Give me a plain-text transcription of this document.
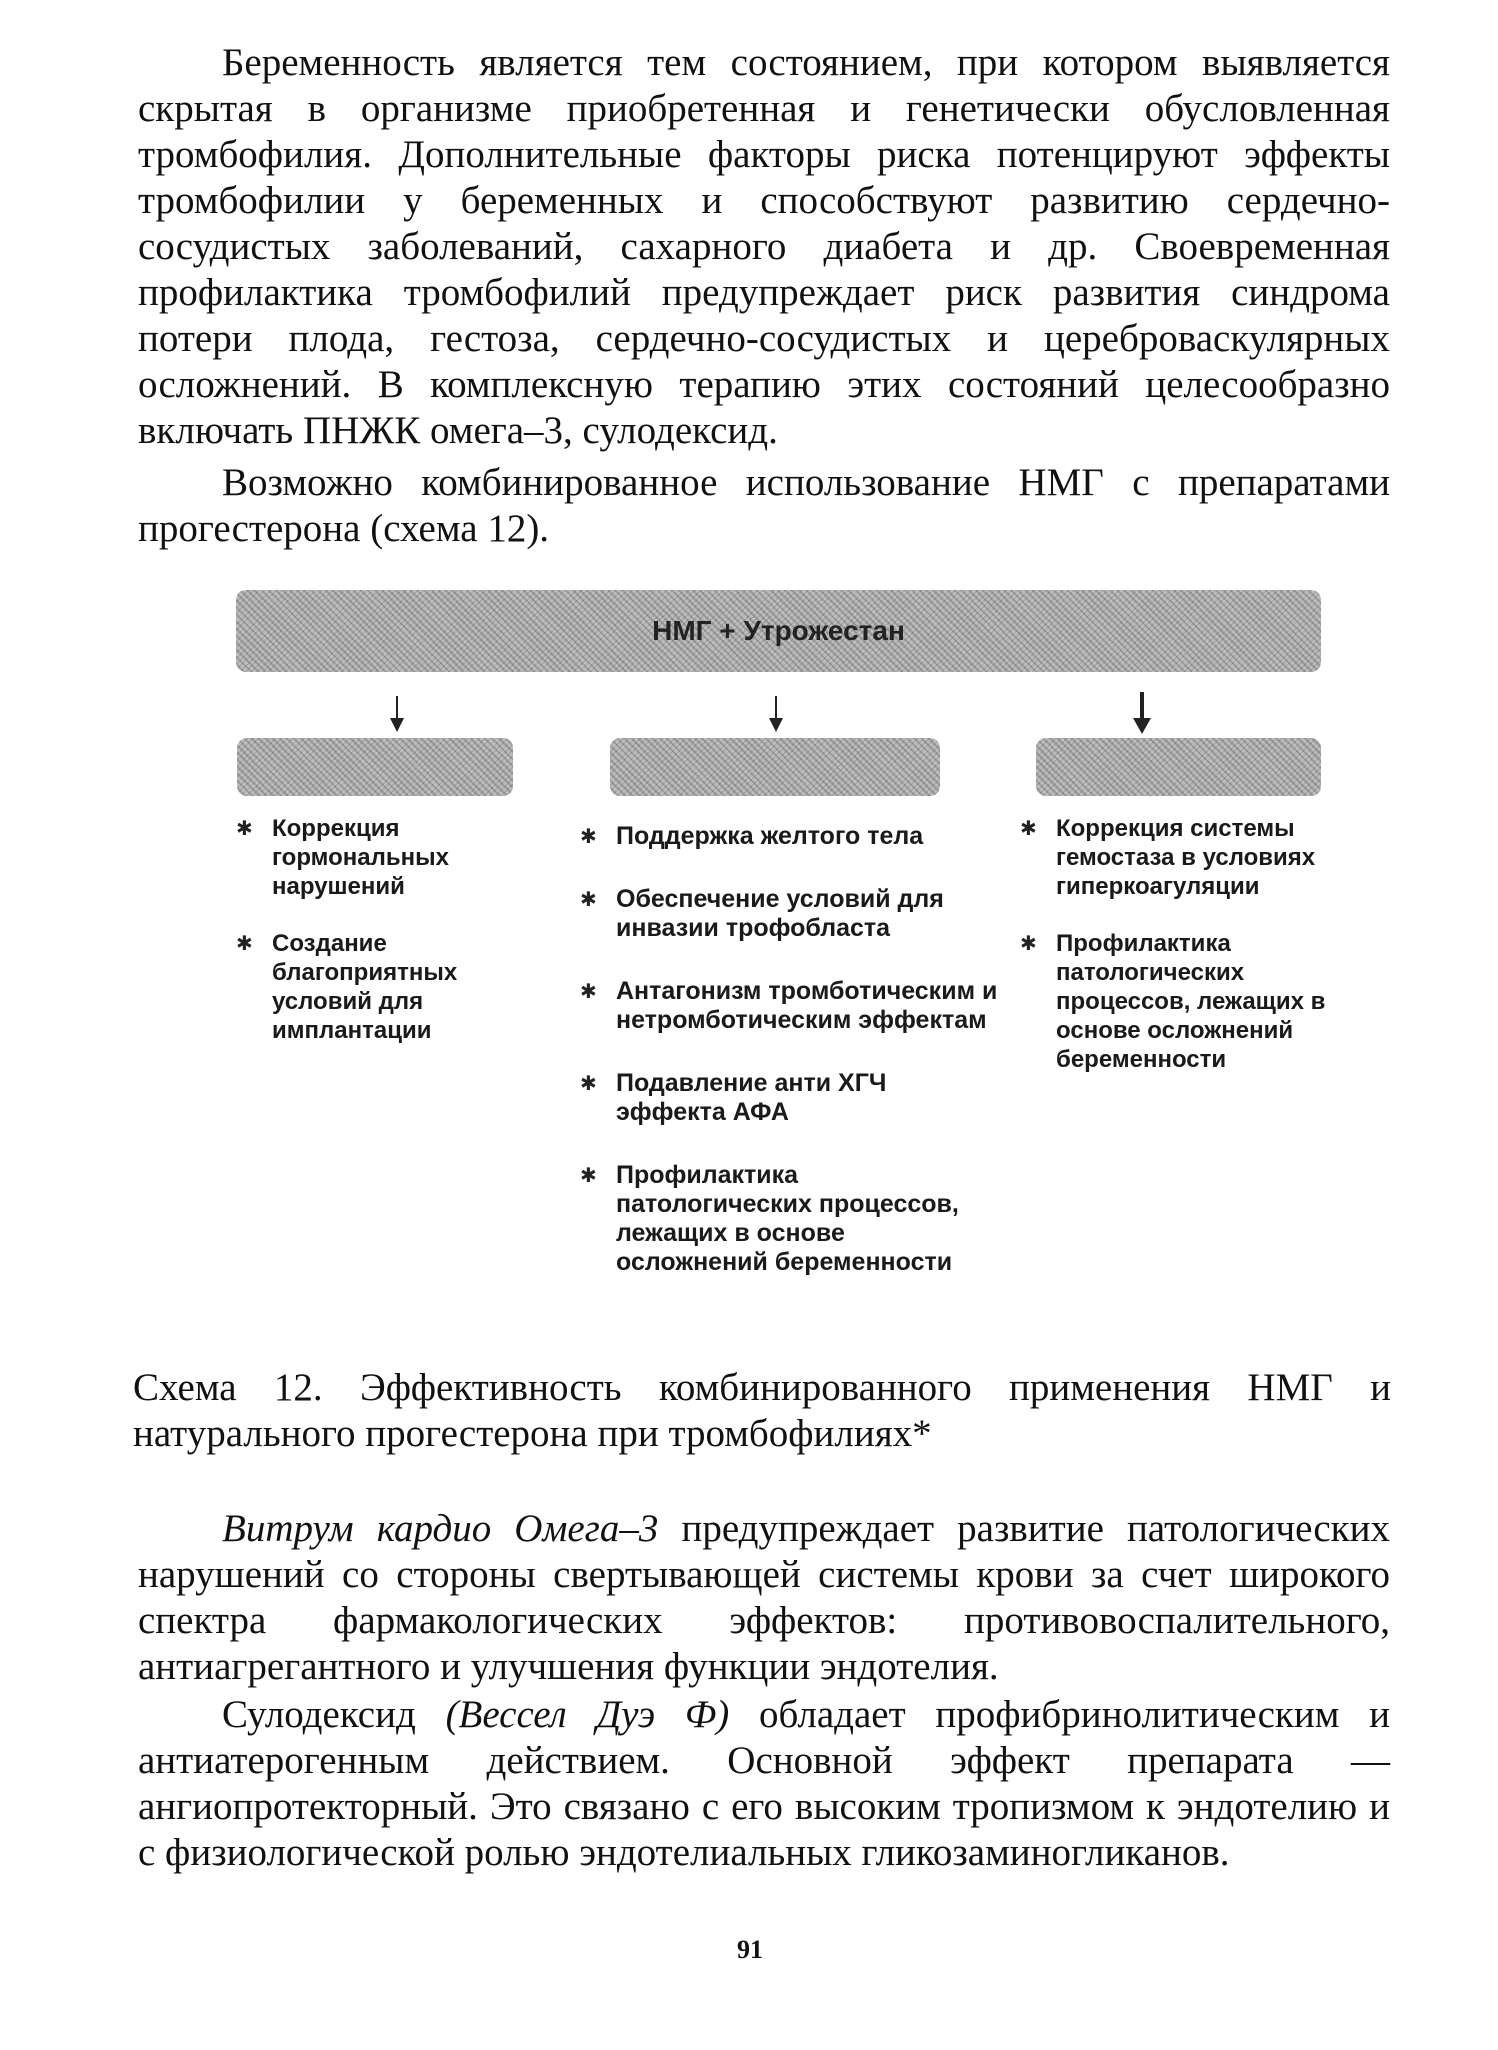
Беременность является тем состоянием, при котором выявляется скрытая в организме приобретенная и генетически обусловленная тромбофилия. Дополнительные факторы риска потенцируют эффекты тромбофилии у беременных и способствуют развитию сердечно-сосудистых заболеваний, сахарного диабета и др. Своевременная профилактика тромбофилий предупреждает риск развития синдрома потери плода, гестоза, сердечно-сосудистых и цереброваскулярных осложнений. В комплексную терапию этих состояний целесообразно включать ПНЖК омега–3, сулодексид.

Возможно комбинированное использование НМГ с препаратами прогестерона (схема 12).

НМГ + Утрожестан
✱ Коррекция гормональных нарушений
✱ Создание благоприятных условий для имплантации
✱ Поддержка желтого тела
✱ Обеспечение условий для инвазии трофобласта
✱ Антагонизм тромботическим и нетромботическим эффектам
✱ Подавление анти ХГЧ эффекта АФА
✱ Профилактика патологических процессов, лежащих в основе осложнений беременности
✱ Коррекция системы гемостаза в условиях гиперкоагуляции
✱ Профилактика патологических процессов, лежащих в основе осложнений беременности

Схема 12. Эффективность комбинированного применения НМГ и натурального прогестерона при тромбофилиях*

Витрум кардио Омега–3 предупреждает развитие патологических нарушений со стороны свертывающей системы крови за счет широкого спектра фармакологических эффектов: противовоспалительного, антиагрегантного и улучшения функции эндотелия.

Сулодексид (Вессел Дуэ Ф) обладает профибринолитическим и антиатерогенным действием. Основной эффект препарата — ангиопротекторный. Это связано с его высоким тропизмом к эндотелию и с физиологической ролью эндотелиальных гликозаминогликанов.

91
